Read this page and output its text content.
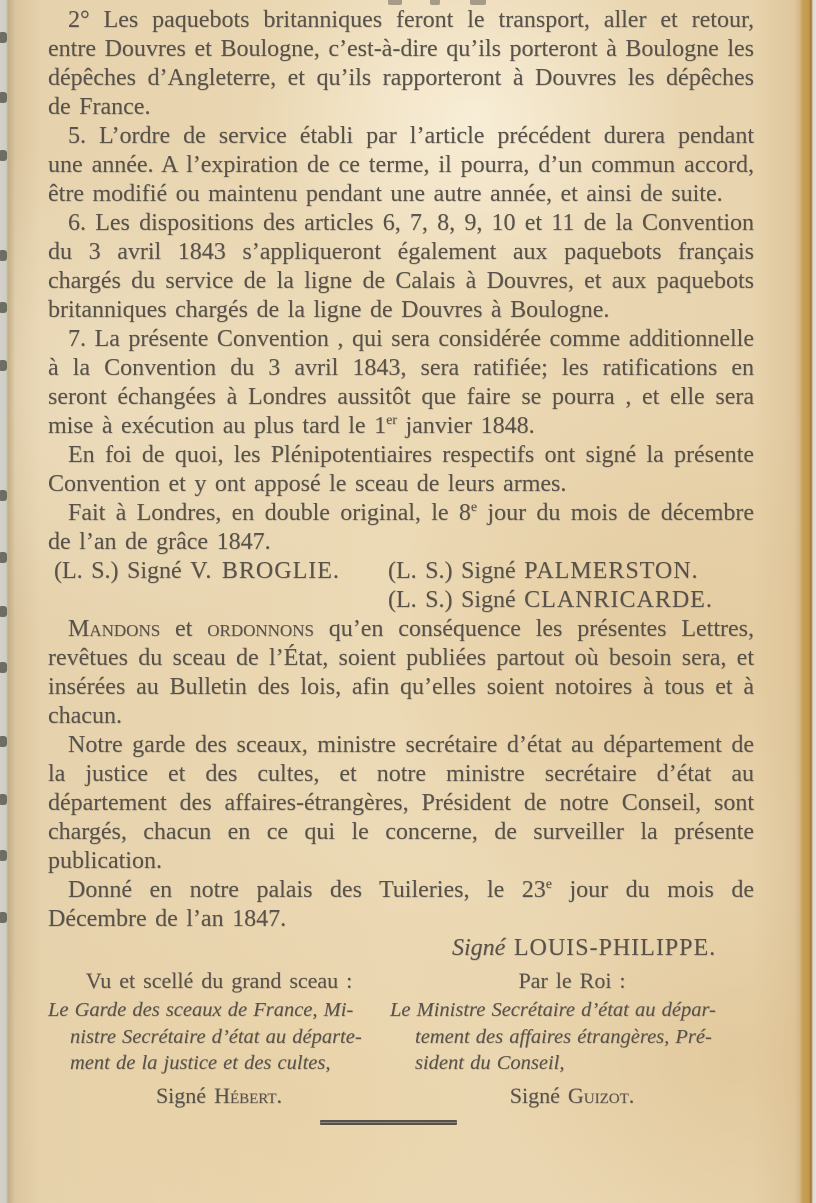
2° Les paquebots britanniques feront le transport, aller et retour, entre Douvres et Boulogne, c’est-à-dire qu’ils porteront à Boulogne les dépêches d’Angleterre, et qu’ils rapporteront à Douvres les dépêches de France.

5. L’ordre de service établi par l’article précédent durera pendant une année. A l’expiration de ce terme, il pourra, d’un commun accord, être modifié ou maintenu pendant une autre année, et ainsi de suite.

6. Les dispositions des articles 6, 7, 8, 9, 10 et 11 de la Convention du 3 avril 1843 s’appliqueront également aux paquebots français chargés du service de la ligne de Calais à Douvres, et aux paquebots britanniques chargés de la ligne de Douvres à Boulogne.

7. La présente Convention , qui sera considérée comme additionnelle à la Convention du 3 avril 1843, sera ratifiée; les ratifications en seront échangées à Londres aussitôt que faire se pourra , et elle sera mise à exécution au plus tard le 1er janvier 1848.

En foi de quoi, les Plénipotentiaires respectifs ont signé la présente Convention et y ont apposé le sceau de leurs armes.

Fait à Londres, en double original, le 8e jour du mois de décembre de l’an de grâce 1847.

(L. S.) Signé V. BROGLIE. (L. S.) Signé PALMERSTON.
(L. S.) Signé CLANRICARDE.

Mandons et ordonnons qu’en conséquence les présentes Lettres, revêtues du sceau de l’État, soient publiées partout où besoin sera, et insérées au Bulletin des lois, afin qu’elles soient notoires à tous et à chacun.

Notre garde des sceaux, ministre secrétaire d’état au département de la justice et des cultes, et notre ministre secrétaire d’état au département des affaires-étrangères, Président de notre Conseil, sont chargés, chacun en ce qui le concerne, de surveiller la présente publication.

Donné en notre palais des Tuileries, le 23e jour du mois de Décembre de l’an 1847.

Signé LOUIS-PHILIPPE.
Vu et scellé du grand sceau :
Le Garde des sceaux de France, Mi-
nistre Secrétaire d’état au départe-
ment de la justice et des cultes,
Signé Hébert.
Par le Roi :
Le Ministre Secrétaire d’état au dépar-
tement des affaires étrangères, Pré-
sident du Conseil,
Signé Guizot.
